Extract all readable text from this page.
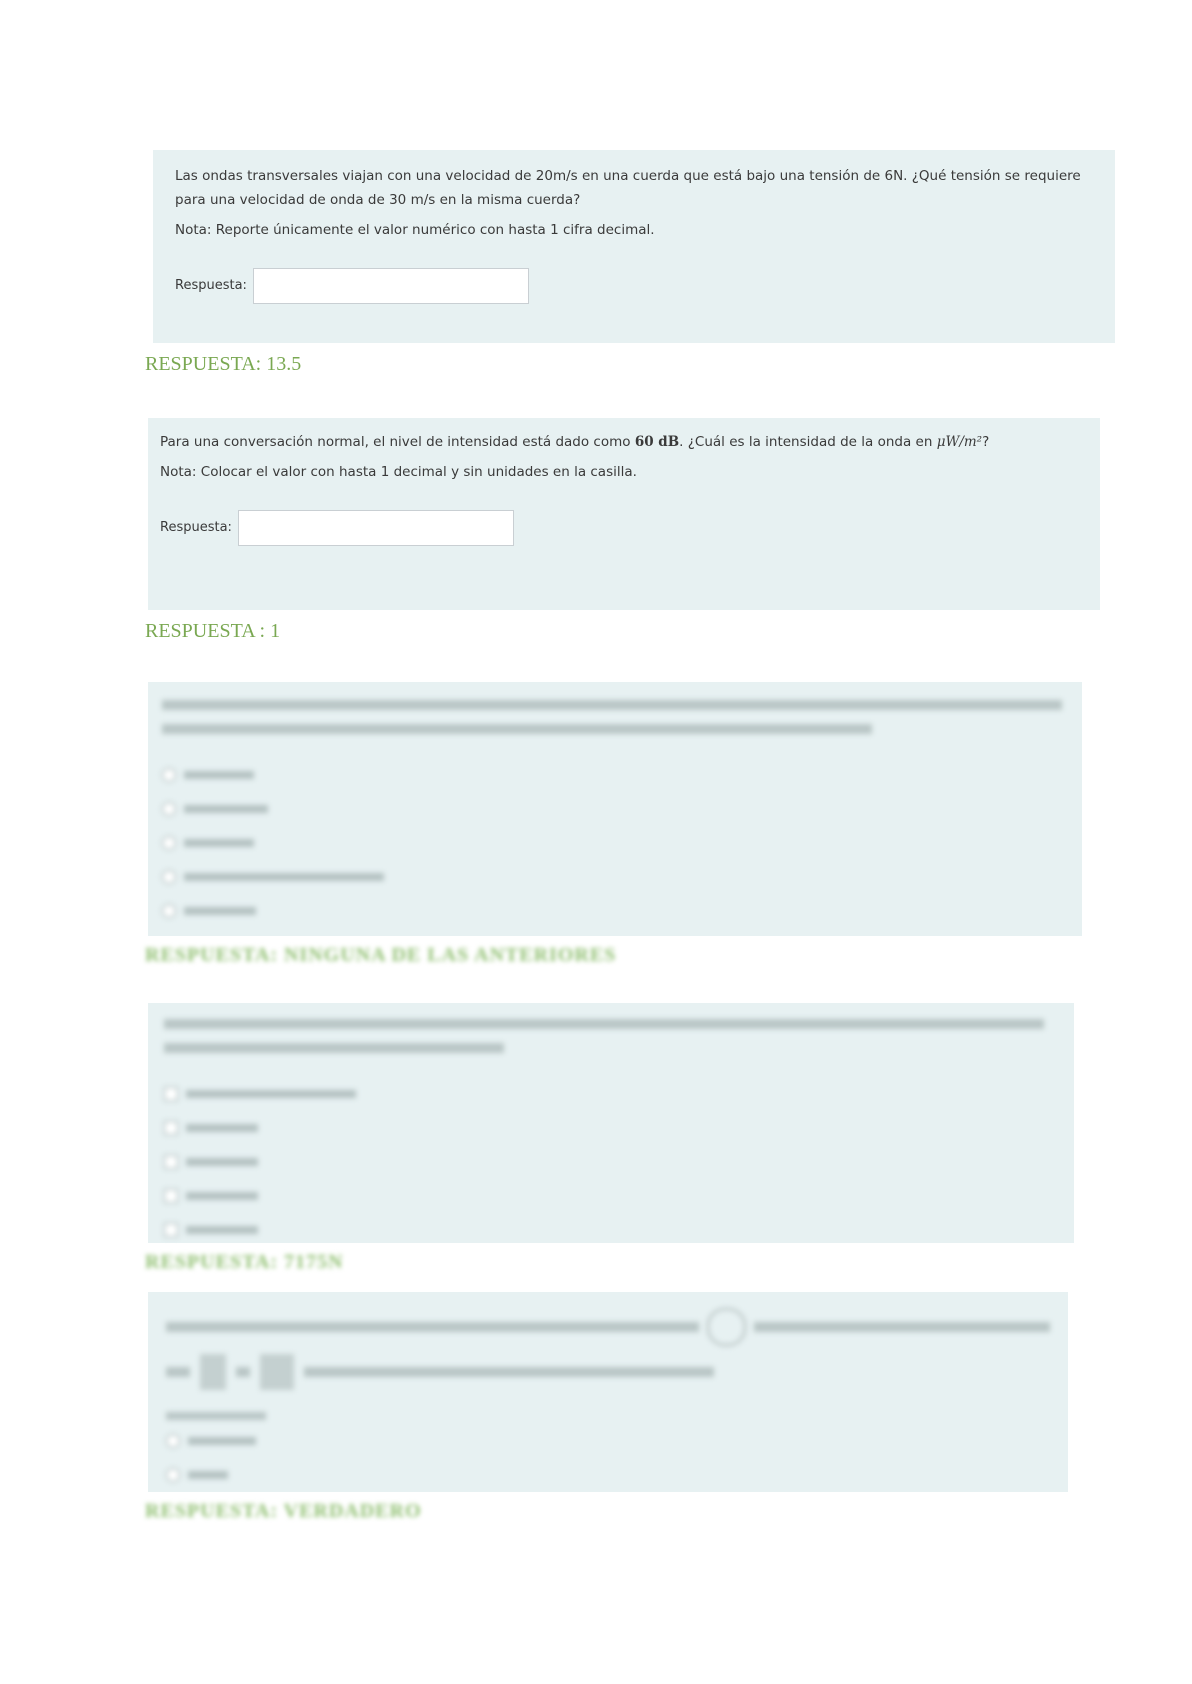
Las ondas transversales viajan con una velocidad de 20m/s en una cuerda que está bajo una tensión de 6N. ¿Qué tensión se requiere para una velocidad de onda de 30 m/s en la misma cuerda?

Nota: Reporte únicamente el valor numérico con hasta 1 cifra decimal.

Respuesta:
RESPUESTA: 13.5

Para una conversación normal, el nivel de intensidad está dado como 60 dB. ¿Cuál es la intensidad de la onda en μW/m²?

Nota: Colocar el valor con hasta 1 decimal y sin unidades en la casilla.

Respuesta:
RESPUESTA : 1
RESPUESTA: NINGUNA DE LAS ANTERIORES
RESPUESTA: 7175N
RESPUESTA: VERDADERO
